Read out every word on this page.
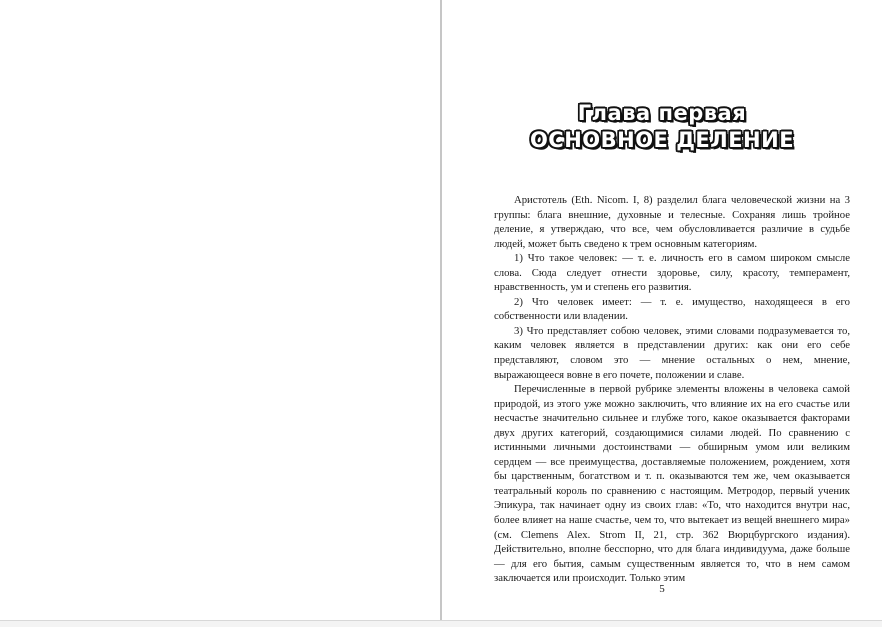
Глава первая
ОСНОВНОЕ ДЕЛЕНИЕ

Аристотель (Eth. Nicom. I, 8) разделил блага человеческой жизни на 3 группы: блага внешние, духовные и телесные. Сохраняя лишь тройное деление, я утверждаю, что все, чем обусловливается различие в судьбе людей, может быть сведено к трем основным категориям.

1) Что такое человек: — т. е. личность его в самом широком смысле слова. Сюда следует отнести здоровье, силу, красоту, темперамент, нравственность, ум и степень его развития.

2) Что человек имеет: — т. е. имущество, находящееся в его собственности или владении.

3) Что представляет собою человек, этими словами подразумевается то, каким человек является в представлении других: как они его себе представляют, словом это — мнение остальных о нем, мнение, выражающееся вовне в его почете, положении и славе.

Перечисленные в первой рубрике элементы вложены в человека самой природой, из этого уже можно заключить, что влияние их на его счастье или несчастье значительно сильнее и глубже того, какое оказывается факторами двух других категорий, создающимися силами людей. По сравнению с истинными личными достоинствами — обширным умом или великим сердцем — все преимущества, доставляемые положением, рождением, хотя бы царственным, богатством и т. п. оказываются тем же, чем оказывается театральный король по сравнению с настоящим. Метродор, первый ученик Эпикура, так начинает одну из своих глав: «То, что находится внутри нас, более влияет на наше счастье, чем то, что вытекает из вещей внешнего мира» (см. Clemens Alex. Strom II, 21, стр. 362 Вюрцбургского издания). Действительно, вполне бесспорно, что для блага индивидуума, даже больше — для его бытия, самым существенным является то, что в нем самом заключается или происходит. Только этим

5
